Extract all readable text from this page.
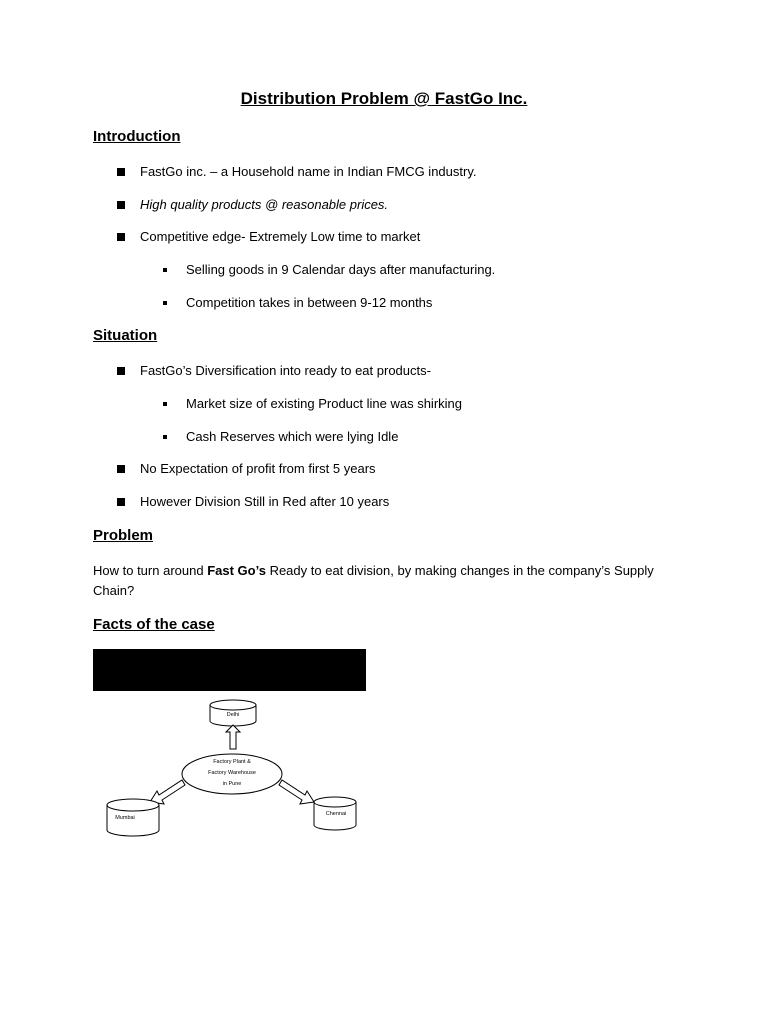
Distribution Problem @ FastGo Inc.
Introduction

FastGo inc. – a Household name in Indian FMCG industry.

High quality products @ reasonable prices.

Competitive edge- Extremely Low time to market

Selling goods in 9 Calendar days after manufacturing.

Competition takes in between 9-12 months

Situation

FastGo’s Diversification into ready to eat products-

Market size of existing Product line was shirking

Cash Reserves which were lying Idle

No Expectation of profit from first 5 years

However Division Still in Red after 10 years

Problem

How to turn around Fast Go’s Ready to eat division, by making changes in the company’s Supply Chain?

Facts of the case
Delhi
Factory Plant &
Factory Warehouse
in Pune
Mumbai
Chennai
